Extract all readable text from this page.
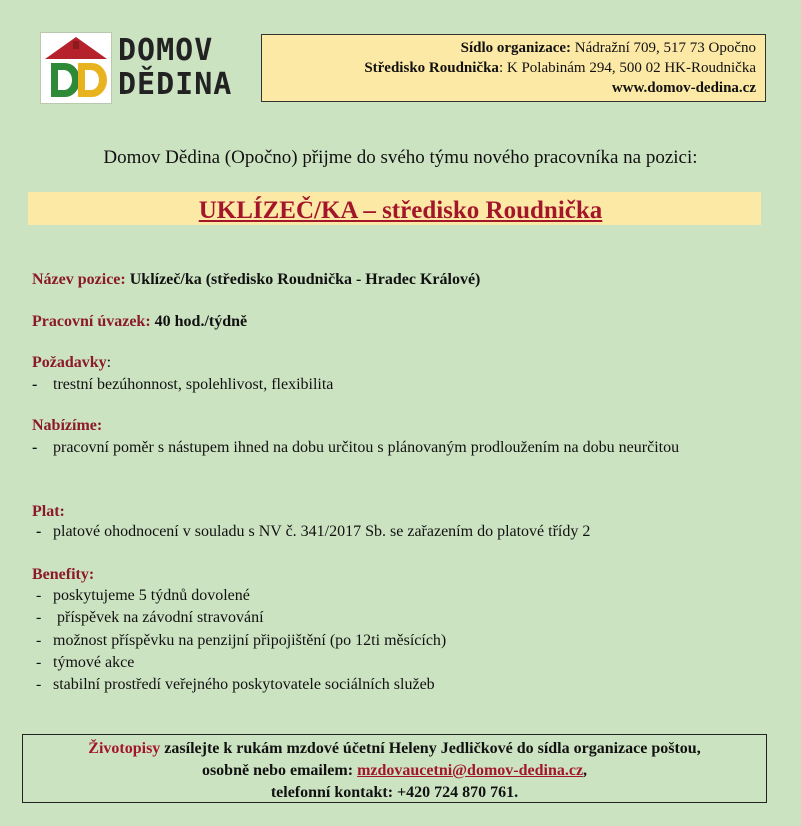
DOMOV
DĚDINA
Sídlo organizace: Nádražní 709, 517 73 Opočno
Středisko Roudnička: K Polabinám 294, 500 02 HK-Roudnička
www.domov-dedina.cz
Domov Dědina (Opočno) přijme do svého týmu nového pracovníka na pozici:
UKLÍZEČ/KA – středisko Roudnička
Název pozice: Uklízeč/ka (středisko Roudnička - Hradec Králové)
Pracovní úvazek: 40 hod./týdně
Požadavky:
- trestní bezúhonnost, spolehlivost, flexibilita
Nabízíme:
- pracovní poměr s nástupem ihned na dobu určitou s plánovaným prodloužením na dobu neurčitou
Plat:
- platové ohodnocení v souladu s NV č. 341/2017 Sb. se zařazením do platové třídy 2
Benefity:
- poskytujeme 5 týdnů dovolené
- příspěvek na závodní stravování
- možnost příspěvku na penzijní připojištění (po 12ti měsících)
- týmové akce
- stabilní prostředí veřejného poskytovatele sociálních služeb
Životopisy zasílejte k rukám mzdové účetní Heleny Jedličkové do sídla organizace poštou,
osobně nebo emailem: mzdovaucetni@domov-dedina.cz,
telefonní kontakt: +420 724 870 761.
